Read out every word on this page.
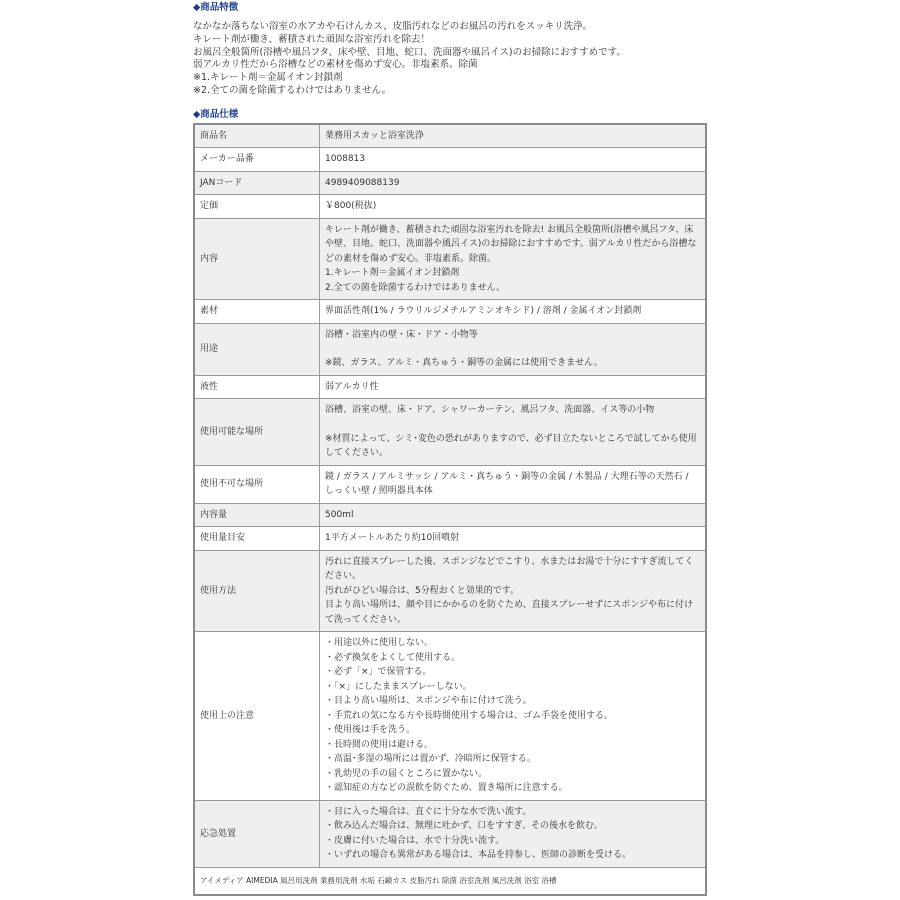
◆商品特徴
なかなか落ちない浴室の水アカや石けんカス、皮脂汚れなどのお風呂の汚れをスッキリ洗浄。
キレート剤が働き、蓄積された頑固な浴室汚れを除去！
お風呂全般箇所(浴槽や風呂フタ、床や壁、目地、蛇口、洗面器や風呂イス)のお掃除におすすめです。
弱アルカリ性だから浴槽などの素材を傷めず安心。非塩素系。除菌
※1.キレート剤＝金属イオン封鎖剤
※2.全ての菌を除菌するわけではありません。
◆商品仕様
商品名	業務用スカッと浴室洗浄

メーカー品番	1008813

JANコード	4989409088139

定価	￥800(税抜)

内容	キレート剤が働き、蓄積された頑固な浴室汚れを除去! お風呂全般箇所(浴槽や風呂フタ、床や壁、目地、蛇口、洗面器や風呂イス)のお掃除におすすめです。弱アルカリ性だから浴槽などの素材を傷めず安心。非塩素系。除菌。
1.キレート剤＝金属イオン封鎖剤
2.全ての菌を除菌するわけではありません。

素材	界面活性剤(1% / ラウリルジメチルアミンオキシド) / 溶剤 / 金属イオン封鎖剤

用途	浴槽・浴室内の壁・床・ドア・小物等
※鏡、ガラス、アルミ・真ちゅう・銅等の金属には使用できません。

液性	弱アルカリ性

使用可能な場所	浴槽、浴室の壁、床・ドア、シャワーカーテン、風呂フタ、洗面器、イス等の小物
※材質によって、シミ･変色の恐れがありますので、必ず目立たないところで試してから使用してください。

使用不可な場所	鏡 / ガラス / アルミサッシ / アルミ・真ちゅう・銅等の金属 / 木製品 / 大理石等の天然石 / しっくい壁 / 照明器具本体

内容量	500ml

使用量目安	1平方メートルあたり約10回噴射

使用方法	汚れに直接スプレーした後、スポンジなどでこすり、水またはお湯で十分にすすぎ流してください。
汚れがひどい場合は、5分程おくと効果的です。
目より高い場所は、顔や目にかかるのを防ぐため、直接スプレーせずにスポンジや布に付けて洗ってください。

使用上の注意	
・用途以外に使用しない。
・必ず換気をよくして使用する。
・必ず「×」で保管する。
・「×」にしたままスプレーしない。
・目より高い場所は、スポンジや布に付けて洗う。
・手荒れの気になる方や長時間使用する場合は、ゴム手袋を使用する。
・使用後は手を洗う。
・長時間の使用は避ける。
・高温･多湿の場所には置かず、冷暗所に保管する。
・乳幼児の手の届くところに置かない。
・認知症の方などの誤飲を防ぐため、置き場所に注意する。

応急処置	・目に入った場合は、直ぐに十分な水で洗い流す。
・飲み込んだ場合は、無理に吐かず、口をすすぎ、その後水を飲む。
・皮膚に付いた場合は、水で十分洗い流す。
・いずれの場合も異常がある場合は、本品を持参し、医師の診断を受ける。

アイメディア AIMEDIA 風呂用洗剤 業務用洗剤 水垢 石鹸カス 皮脂汚れ 除菌 浴室洗剤 風呂洗剤 浴室 浴槽	
